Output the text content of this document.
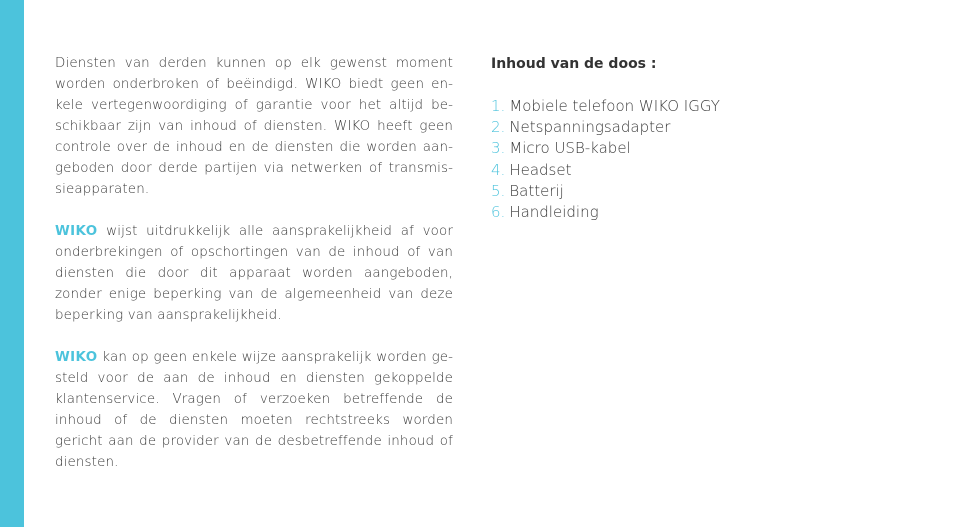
Diensten van derden kunnen op elk gewenst moment worden onderbroken of beëindigd. WIKO biedt geen enkele vertegenwoordiging of garantie voor het altijd beschikbaar zijn van inhoud of diensten. WIKO heeft geen controle over de inhoud en de diensten die worden aangeboden door derde partijen via netwerken of transmissieapparaten.

WIKO wijst uitdrukkelijk alle aansprakelijkheid af voor onderbrekingen of opschortingen van de inhoud of van diensten die door dit apparaat worden aangeboden, zonder enige beperking van de algemeenheid van deze beperking van aansprakelijkheid.

WIKO kan op geen enkele wijze aansprakelijk worden gesteld voor de aan de inhoud en diensten gekoppelde klantenservice. Vragen of verzoeken betreffende de inhoud of de diensten moeten rechtstreeks worden gericht aan de provider van de desbetreffende inhoud of diensten.

Inhoud van de doos :
1. Mobiele telefoon WIKO IGGY
2. Netspanningsadapter
3. Micro USB-kabel
4. Headset
5. Batterij
6. Handleiding
